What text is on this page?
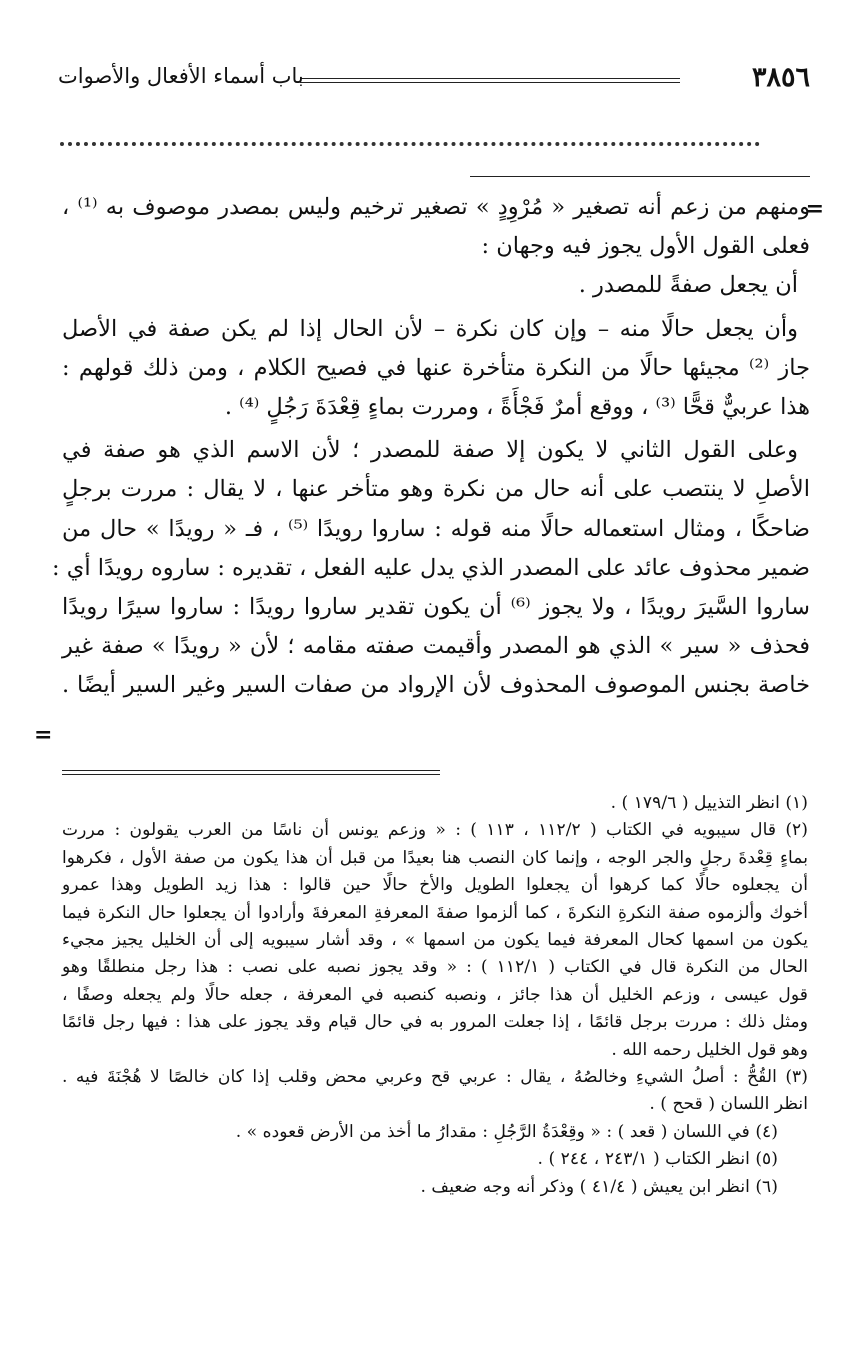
٣٨٥٦
باب أسماء الأفعال والأصوات
=
ومنهم من زعم أنه تصغير « مُرْوِدٍ » تصغير ترخيم وليس بمصدر موصوف به ⁽¹⁾ ،
فعلى القول الأول يجوز فيه وجهان :
أن يجعل صفةً للمصدر .
وأن يجعل حالًا منه – وإن كان نكرة – لأن الحال إذا لم يكن صفة في الأصل
جاز ⁽²⁾ مجيئها حالًا من النكرة متأخرة عنها في فصيح الكلام ، ومن ذلك قولهم :
هذا عربيٌّ قحًّا ⁽³⁾ ، ووقع أمرٌ فَجْأَةً ، ومررت بماءٍ قِعْدَةَ رَجُلٍ ⁽⁴⁾ .
وعلى القول الثاني لا يكون إلا صفة للمصدر ؛ لأن الاسم الذي هو صفة في
الأصلِ لا ينتصب على أنه حال من نكرة وهو متأخر عنها ، لا يقال : مررت برجلٍ
ضاحكًا ، ومثال استعماله حالًا منه قوله : ساروا رويدًا ⁽⁵⁾ ، فـ « رويدًا » حال من
ضمير محذوف عائد على المصدر الذي يدل عليه الفعل ، تقديره : ساروه رويدًا أي :
ساروا السَّيرَ رويدًا ، ولا يجوز ⁽⁶⁾ أن يكون تقدير ساروا رويدًا : ساروا سيرًا رويدًا
فحذف « سير » الذي هو المصدر وأقيمت صفته مقامه ؛ لأن « رويدًا » صفة غير
خاصة بجنس الموصوف المحذوف لأن الإرواد من صفات السير وغير السير أيضًا .
=
(١) انظر التذييل ( ١٧٩/٦ ) .
(٢) قال سيبويه في الكتاب ( ١١٢/٢ ، ١١٣ ) : « وزعم يونس أن ناسًا من العرب يقولون : مررت
بماءٍ قِعْدةَ رجلٍ والجر الوجه ، وإنما كان النصب هنا بعيدًا من قبل أن هذا يكون من صفة الأول ، فكرهوا
أن يجعلوه حالًا كما كرهوا أن يجعلوا الطويل والأخ حالًا حين قالوا : هذا زيد الطويل وهذا عمرو
أخوك وألزموه صفة النكرةِ النكرةَ ، كما ألزموا صفةَ المعرفةِ المعرفةَ وأرادوا أن يجعلوا حال النكرة فيما
يكون من اسمها كحال المعرفة فيما يكون من اسمها » ، وقد أشار سيبويه إلى أن الخليل يجيز مجيء
الحال من النكرة قال في الكتاب ( ١١٢/١ ) : « وقد يجوز نصبه على نصب : هذا رجل منطلقًا وهو
قول عيسى ، وزعم الخليل أن هذا جائز ، ونصبه كنصبه في المعرفة ، جعله حالًا ولم يجعله وصفًا ،
ومثل ذلك : مررت برجل قائمًا ، إذا جعلت المرور به في حال قيام وقد يجوز على هذا : فيها رجل قائمًا
وهو قول الخليل رحمه الله .
(٣) القُحُّ : أصلُ الشيءِ وخالصُهُ ، يقال : عربي قح وعربي محض وقلب إذا كان خالصًا لا هُجْنَةَ فيه .
انظر اللسان ( قحح ) .
(٤) في اللسان ( قعد ) : « وقِعْدَةُ الرَّجُلِ : مقدارُ ما أخذ من الأرض قعوده » .
(٥) انظر الكتاب ( ٢٤٣/١ ، ٢٤٤ ) .
(٦) انظر ابن يعيش ( ٤١/٤ ) وذكر أنه وجه ضعيف .
